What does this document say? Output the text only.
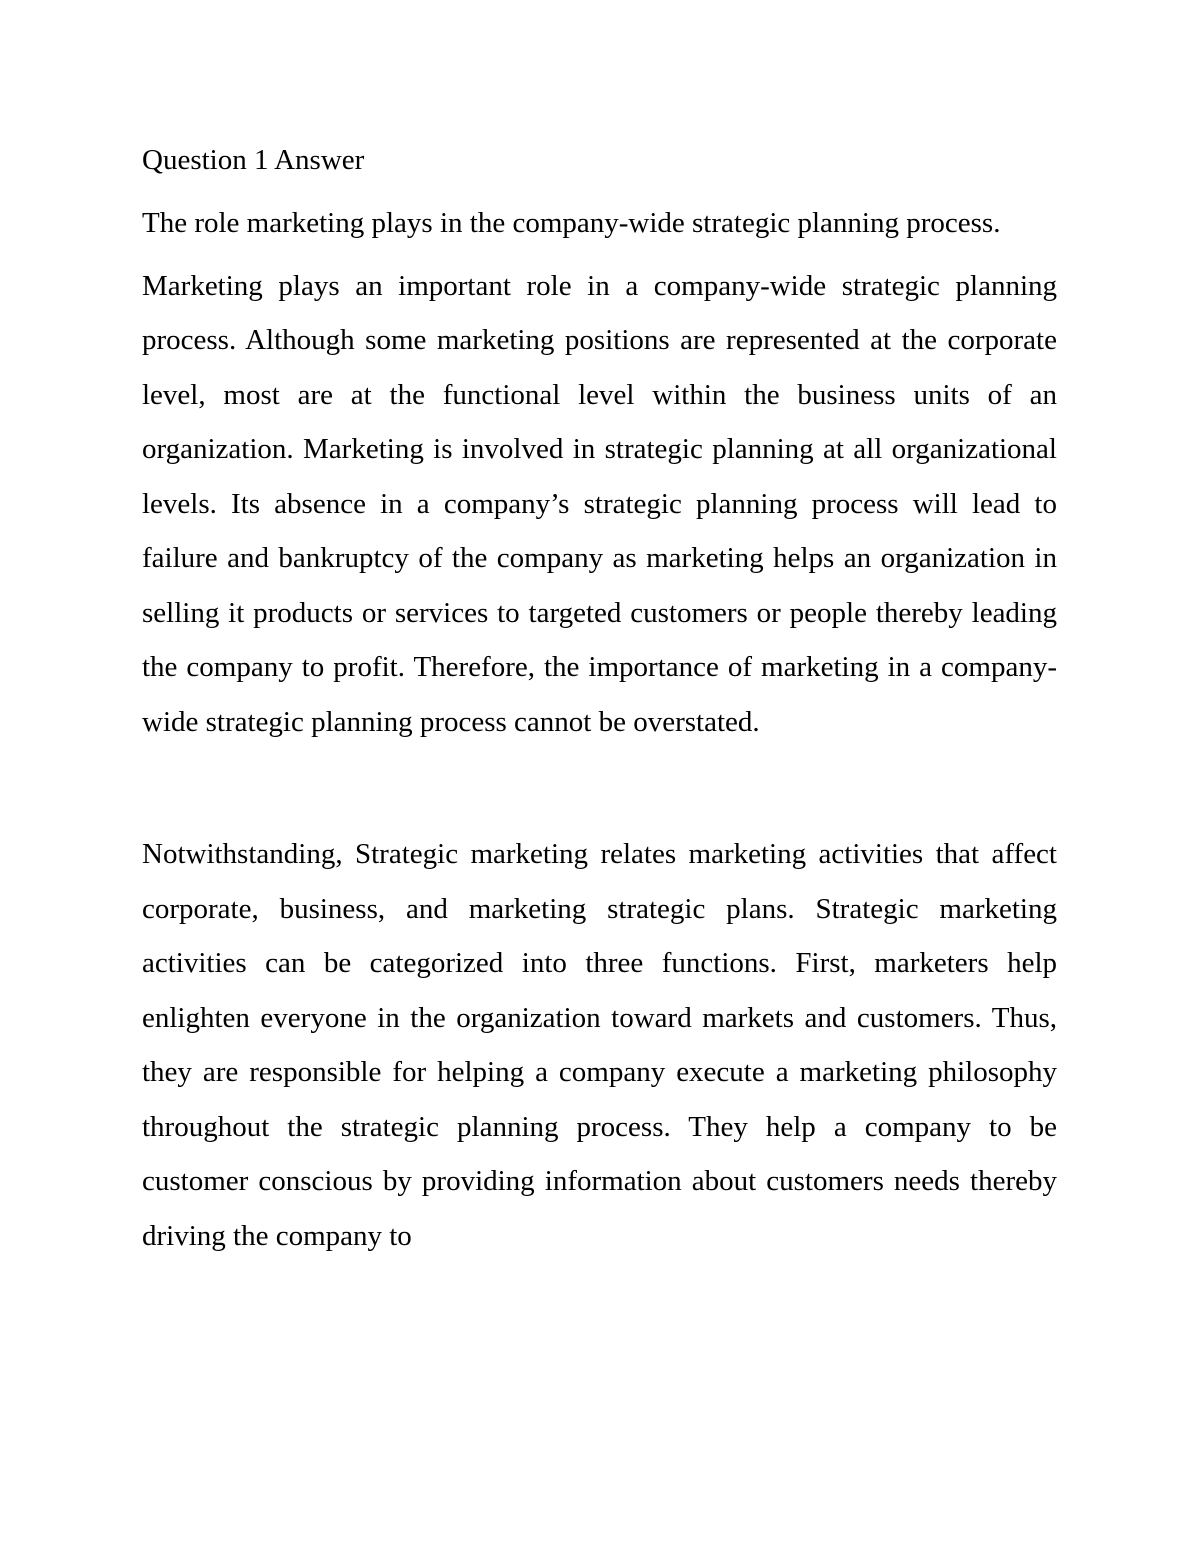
Question 1 Answer

The role marketing plays in the company-wide strategic planning process.

Marketing plays an important role in a company-wide strategic planning process. Although some marketing positions are represented at the corporate level, most are at the functional level within the business units of an organization. Marketing is involved in strategic planning at all organizational levels. Its absence in a company’s strategic planning process will lead to failure and bankruptcy of the company as marketing helps an organization in selling it products or services to targeted customers or people thereby leading the company to profit. Therefore, the importance of marketing in a company-wide strategic planning process cannot be overstated.

Notwithstanding, Strategic marketing relates marketing activities that affect corporate, business, and marketing strategic plans. Strategic marketing activities can be categorized into three functions. First, marketers help enlighten everyone in the organization toward markets and customers. Thus, they are responsible for helping a company execute a marketing philosophy throughout the strategic planning process. They help a company to be customer conscious by providing information about customers needs thereby driving the company to
